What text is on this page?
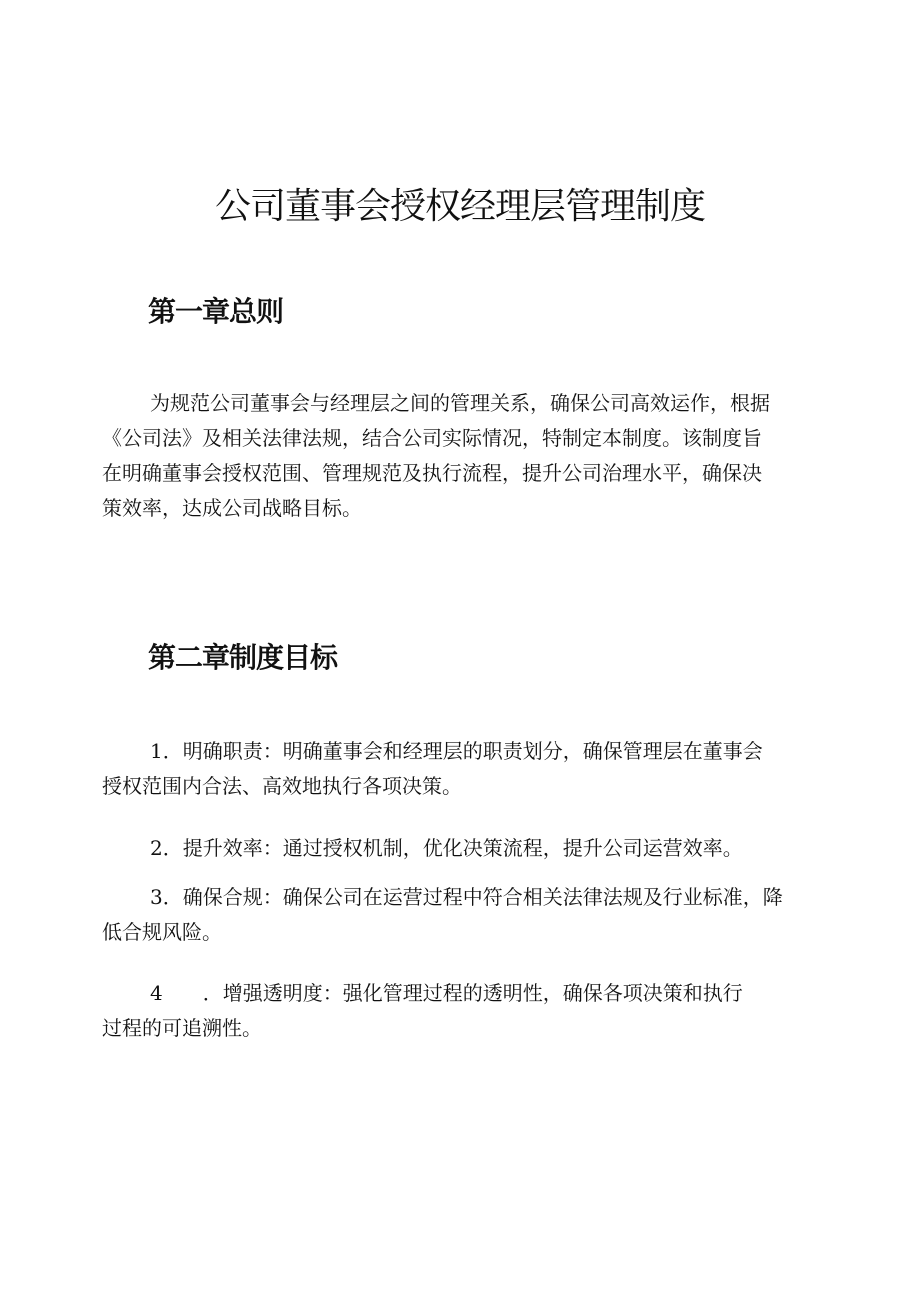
公司董事会授权经理层管理制度
第一章总则

为规范公司董事会与经理层之间的管理关系，确保公司高效运作，根据
《公司法》及相关法律法规，结合公司实际情况，特制定本制度。该制度旨
在明确董事会授权范围、管理规范及执行流程，提升公司治理水平，确保决
策效率，达成公司战略目标。

第二章制度目标

1．明确职责：明确董事会和经理层的职责划分，确保管理层在董事会
授权范围内合法、高效地执行各项决策。

2．提升效率：通过授权机制，优化决策流程，提升公司运营效率。

3．确保合规：确保公司在运营过程中符合相关法律法规及行业标准，降
低合规风险。

4　　．增强透明度：强化管理过程的透明性，确保各项决策和执行
过程的可追溯性。
